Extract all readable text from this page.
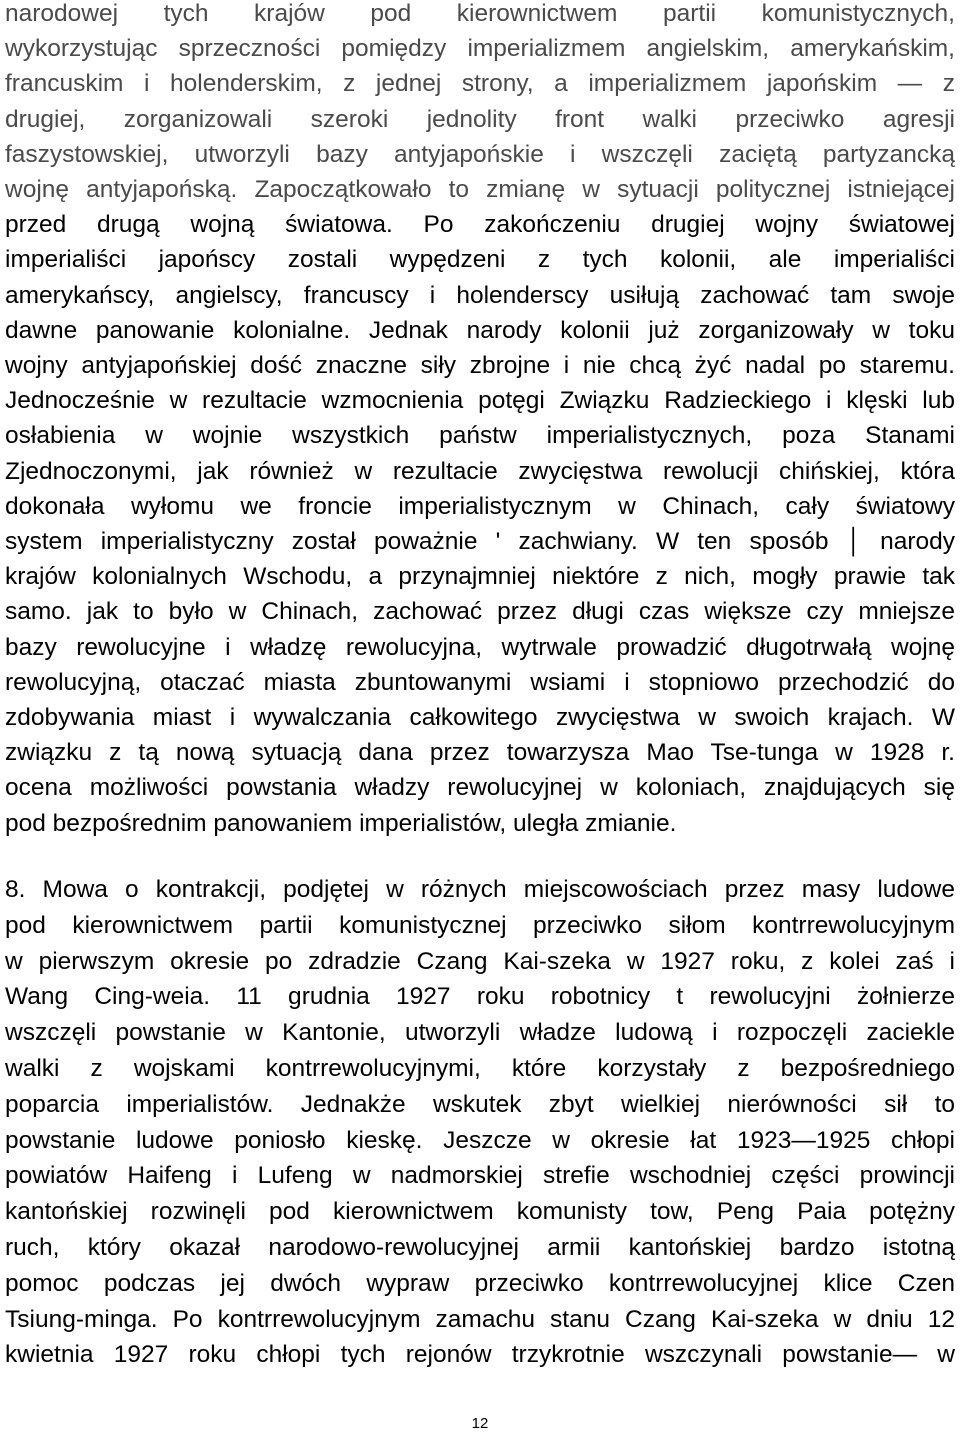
narodowej tych krajów pod kierownictwem partii komunistycznych,
wykorzystując sprzeczności pomiędzy imperializmem angielskim, amerykańskim,
francuskim i holenderskim, z jednej strony, a imperializmem japońskim — z
drugiej, zorganizowali szeroki jednolity front walki przeciwko agresji
faszystowskiej, utworzyli bazy antyjapońskie i wszczęli zaciętą partyzancką
wojnę antyjapońską. Zapoczątkowało to zmianę w sytuacji politycznej istniejącej
przed drugą wojną światowa. Po zakończeniu drugiej wojny światowej
imperialiści japońscy zostali wypędzeni z tych kolonii, ale imperialiści
amerykańscy, angielscy, francuscy i holenderscy usiłują zachować tam swoje
dawne panowanie kolonialne. Jednak narody kolonii już zorganizowały w toku
wojny antyjapońskiej dość znaczne siły zbrojne i nie chcą żyć nadal po staremu.
Jednocześnie w rezultacie wzmocnienia potęgi Związku Radzieckiego i klęski lub
osłabienia w wojnie wszystkich państw imperialistycznych, poza Stanami
Zjednoczonymi, jak również w rezultacie zwycięstwa rewolucji chińskiej, która
dokonała wyłomu we froncie imperialistycznym w Chinach, cały światowy
system imperialistyczny został poważnie ' zachwiany. W ten sposób │ narody
krajów kolonialnych Wschodu, a przynajmniej niektóre z nich, mogły prawie tak
samo. jak to było w Chinach, zachować przez długi czas większe czy mniejsze
bazy rewolucyjne i władzę rewolucyjna, wytrwale prowadzić długotrwałą wojnę
rewolucyjną, otaczać miasta zbuntowanymi wsiami i stopniowo przechodzić do
zdobywania miast i wywalczania całkowitego zwycięstwa w swoich krajach. W
związku z tą nową sytuacją dana przez towarzysza Mao Tse-tunga w 1928 r.
ocena możliwości powstania władzy rewolucyjnej w koloniach, znajdujących się
pod bezpośrednim panowaniem imperialistów, uległa zmianie.
8. Mowa o kontrakcji, podjętej w różnych miejscowościach przez masy ludowe
pod kierownictwem partii komunistycznej przeciwko siłom kontrrewolucyjnym
w pierwszym okresie po zdradzie Czang Kai-szeka w 1927 roku, z kolei zaś i
Wang Cing-weia. 11 grudnia 1927 roku robotnicy t rewolucyjni żołnierze
wszczęli powstanie w Kantonie, utworzyli władze ludową i rozpoczęli zaciekle
walki z wojskami kontrrewolucyjnymi, które korzystały z bezpośredniego
poparcia imperialistów. Jednakże wskutek zbyt wielkiej nierówności sił to
powstanie ludowe poniosło kieskę. Jeszcze w okresie łat 1923—1925 chłopi
powiatów Haifeng i Lufeng w nadmorskiej strefie wschodniej części prowincji
kantońskiej rozwinęli pod kierownictwem komunisty tow, Peng Paia potężny
ruch, który okazał narodowo-rewolucyjnej armii kantońskiej bardzo istotną
pomoc podczas jej dwóch wypraw przeciwko kontrrewolucyjnej klice Czen
Tsiung-minga. Po kontrrewolucyjnym zamachu stanu Czang Kai-szeka w dniu 12
kwietnia 1927 roku chłopi tych rejonów trzykrotnie wszczynali powstanie— w
12
